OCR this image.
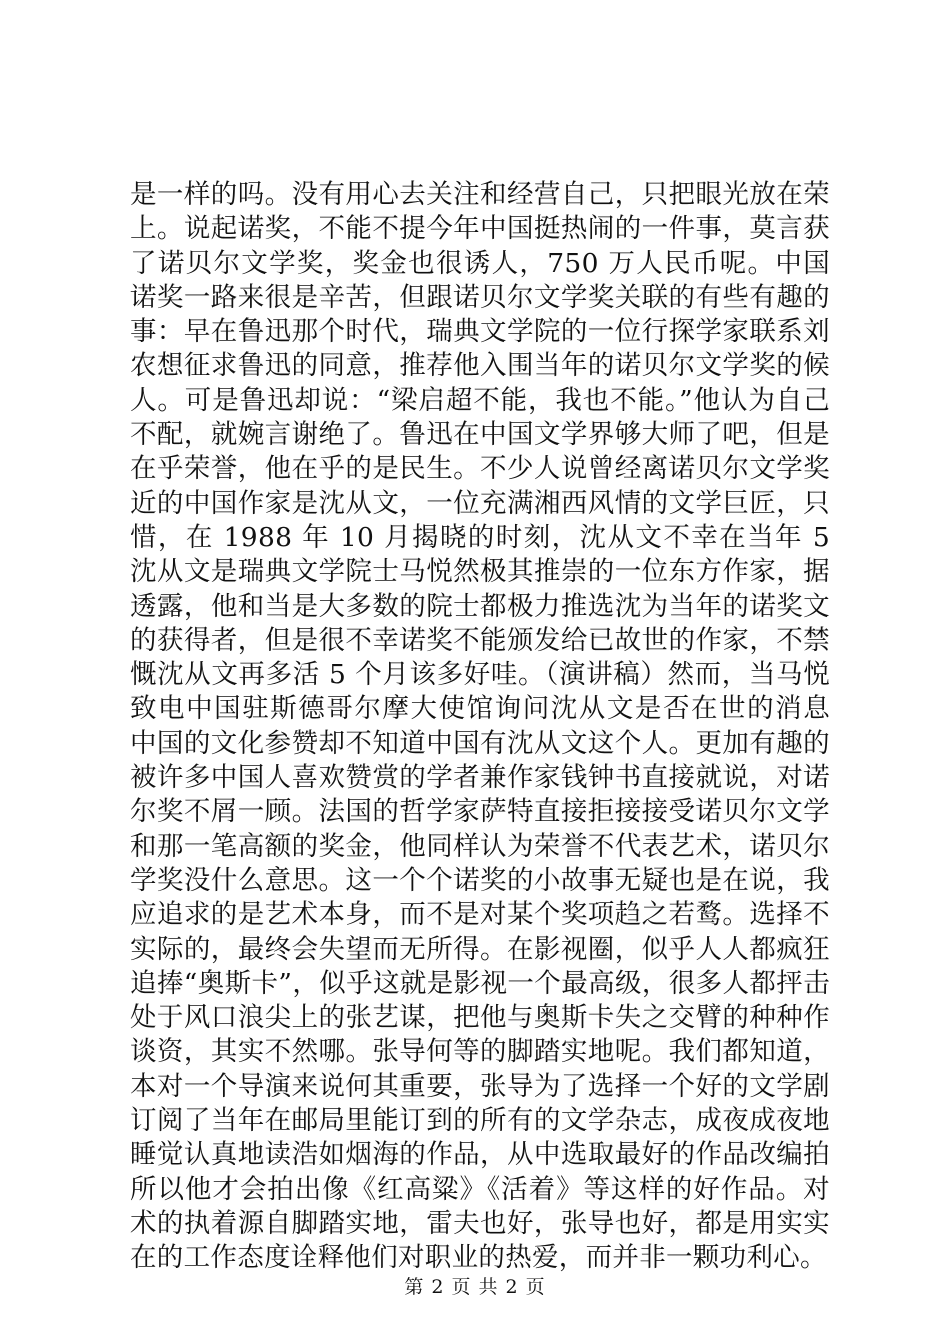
是一样的吗。没有用心去关注和经营自己，只把眼光放在荣
上。说起诺奖，不能不提今年中国挺热闹的一件事，莫言获
了诺贝尔文学奖，奖金也很诱人，750 万人民币呢。中国
诺奖一路来很是辛苦，但跟诺贝尔文学奖关联的有些有趣的
事：早在鲁迅那个时代，瑞典文学院的一位行探学家联系刘
农想征求鲁迅的同意，推荐他入围当年的诺贝尔文学奖的候
人。可是鲁迅却说：“梁启超不能，我也不能。”他认为自己
不配，就婉言谢绝了。鲁迅在中国文学界够大师了吧，但是
在乎荣誉，他在乎的是民生。不少人说曾经离诺贝尔文学奖
近的中国作家是沈从文，一位充满湘西风情的文学巨匠，只
惜，在 1988 年 10 月揭晓的时刻，沈从文不幸在当年 5
沈从文是瑞典文学院士马悦然极其推崇的一位东方作家，据
透露，他和当是大多数的院士都极力推选沈为当年的诺奖文
的获得者，但是很不幸诺奖不能颁发给已故世的作家，不禁
慨沈从文再多活 5 个月该多好哇。（演讲稿）然而，当马悦
致电中国驻斯德哥尔摩大使馆询问沈从文是否在世的消息
中国的文化参赞却不知道中国有沈从文这个人。更加有趣的
被许多中国人喜欢赞赏的学者兼作家钱钟书直接就说，对诺
尔奖不屑一顾。法国的哲学家萨特直接拒接接受诺贝尔文学
和那一笔高额的奖金，他同样认为荣誉不代表艺术，诺贝尔
学奖没什么意思。这一个个诺奖的小故事无疑也是在说，我
应追求的是艺术本身，而不是对某个奖项趋之若鹜。选择不
实际的，最终会失望而无所得。在影视圈，似乎人人都疯狂
追捧“奥斯卡”，似乎这就是影视一个最高级，很多人都抨击
处于风口浪尖上的张艺谋，把他与奥斯卡失之交臂的种种作
谈资，其实不然哪。张导何等的脚踏实地呢。我们都知道，
本对一个导演来说何其重要，张导为了选择一个好的文学剧
订阅了当年在邮局里能订到的所有的文学杂志，成夜成夜地
睡觉认真地读浩如烟海的作品，从中选取最好的作品改编拍
所以他才会拍出像《红高粱》《活着》等这样的好作品。对
术的执着源自脚踏实地，雷夫也好，张导也好，都是用实实
在的工作态度诠释他们对职业的热爱，而并非一颗功利心。
第 2 页 共 2 页
